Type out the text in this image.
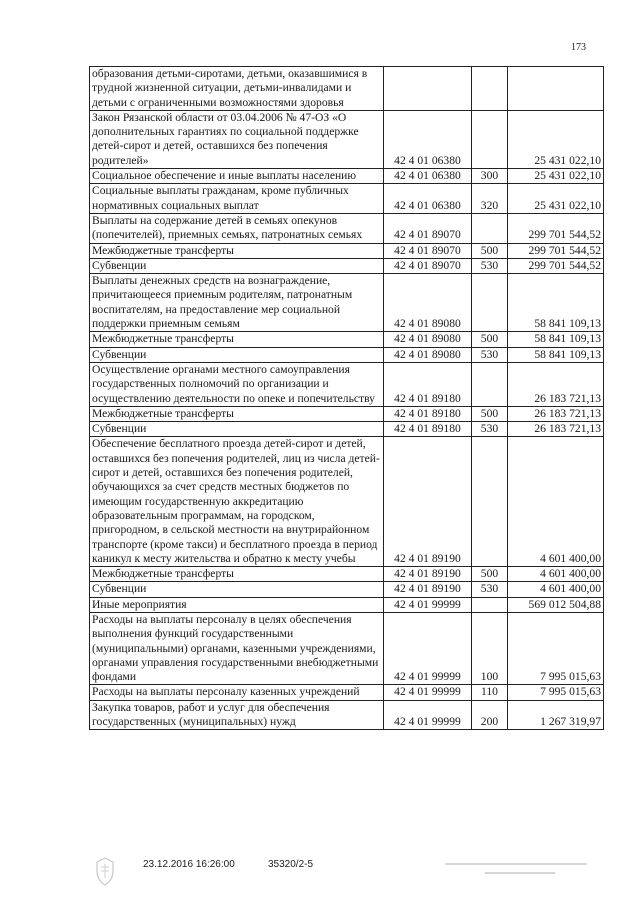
173
образования детьми-сиротами, детьми, оказавшимися в трудной жизненной ситуации, детьми-инвалидами и детьми с ограниченными возможностями здоровья			
Закон Рязанской области от 03.04.2006 № 47-ОЗ «О дополнительных гарантиях по социальной поддержке детей-сирот и детей, оставшихся без попечения родителей»	42 4 01 06380		25 431 022,10
Социальное обеспечение и иные выплаты населению	42 4 01 06380	300	25 431 022,10
Социальные выплаты гражданам, кроме публичных нормативных социальных выплат	42 4 01 06380	320	25 431 022,10
Выплаты на содержание детей в семьях опекунов (попечителей), приемных семьях, патронатных семьях	42 4 01 89070		299 701 544,52
Межбюджетные трансферты	42 4 01 89070	500	299 701 544,52
Субвенции	42 4 01 89070	530	299 701 544,52
Выплаты денежных средств на вознаграждение, причитающееся приемным родителям, патронатным воспитателям, на предоставление мер социальной поддержки приемным семьям	42 4 01 89080		58 841 109,13
Межбюджетные трансферты	42 4 01 89080	500	58 841 109,13
Субвенции	42 4 01 89080	530	58 841 109,13
Осуществление органами местного самоуправления государственных полномочий по организации и осуществлению деятельности по опеке и попечительству	42 4 01 89180		26 183 721,13
Межбюджетные трансферты	42 4 01 89180	500	26 183 721,13
Субвенции	42 4 01 89180	530	26 183 721,13
Обеспечение бесплатного проезда детей-сирот и детей, оставшихся без попечения родителей, лиц из числа детей-сирот и детей, оставшихся без попечения родителей, обучающихся за счет средств местных бюджетов по имеющим государственную аккредитацию образовательным программам, на городском, пригородном, в сельской местности на внутрирайонном транспорте (кроме такси) и бесплатного проезда в период каникул к месту жительства и обратно к месту учебы	42 4 01 89190		4 601 400,00
Межбюджетные трансферты	42 4 01 89190	500	4 601 400,00
Субвенции	42 4 01 89190	530	4 601 400,00
Иные мероприятия	42 4 01 99999		569 012 504,88
Расходы на выплаты персоналу в целях обеспечения выполнения функций государственными (муниципальными) органами, казенными учреждениями, органами управления государственными внебюджетными фондами	42 4 01 99999	100	7 995 015,63
Расходы на выплаты персоналу казенных учреждений	42 4 01 99999	110	7 995 015,63
Закупка товаров, работ и услуг для обеспечения государственных (муниципальных) нужд	42 4 01 99999	200	1 267 319,97
23.12.2016 16:26:00	35320/2-5
